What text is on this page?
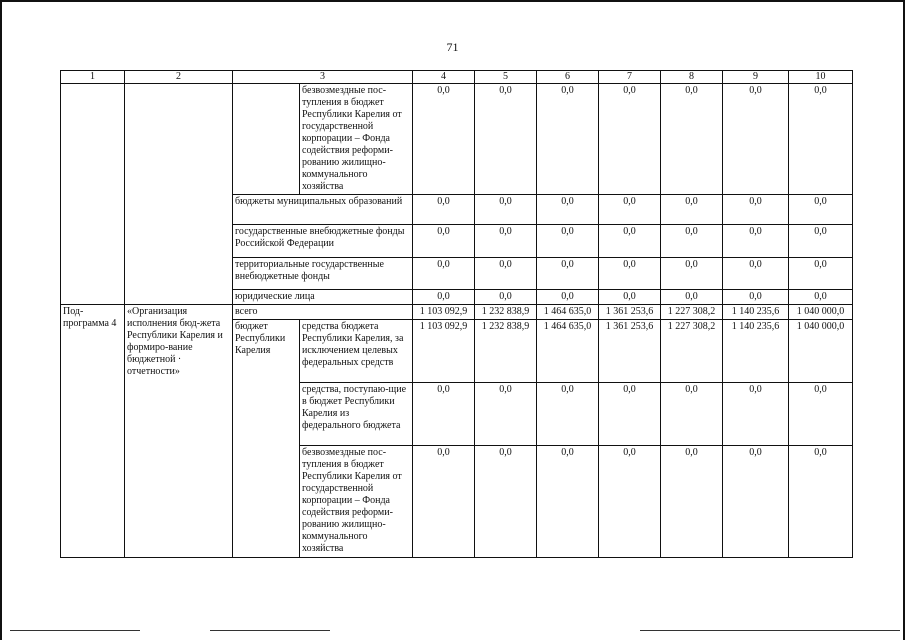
71
1	2	3		4	5	6	7	8	9	10
			безвозмездные пос-тупления в бюджет Республики Карелия от государственной корпорации – Фонда содействия реформи-рованию жилищно-коммунального хозяйства	0,0	0,0	0,0	0,0	0,0	0,0	0,0
		бюджеты муниципальных образований		0,0	0,0	0,0	0,0	0,0	0,0	0,0
		государственные внебюджетные фонды Российской Федерации		0,0	0,0	0,0	0,0	0,0	0,0	0,0
		территориальные государственные внебюджетные фонды		0,0	0,0	0,0	0,0	0,0	0,0	0,0
		юридические лица		0,0	0,0	0,0	0,0	0,0	0,0	0,0
Под-программа 4	«Организация исполнения бюд-жета Республики Карелия и формиро-вание бюджетной · отчетности»	всего		1 103 092,9	1 232 838,9	1 464 635,0	1 361 253,6	1 227 308,2	1 140 235,6	1 040 000,0
		бюджет Республики Карелия	средства бюджета Республики Карелия, за исключением целевых федеральных средств	1 103 092,9	1 232 838,9	1 464 635,0	1 361 253,6	1 227 308,2	1 140 235,6	1 040 000,0
			средства, поступаю-щие в бюджет Республики Карелия из федерального бюджета	0,0	0,0	0,0	0,0	0,0	0,0	0,0
			безвозмездные пос-тупления в бюджет Республики Карелия от государственной корпорации – Фонда содействия реформи-рованию жилищно-коммунального хозяйства	0,0	0,0	0,0	0,0	0,0	0,0	0,0
